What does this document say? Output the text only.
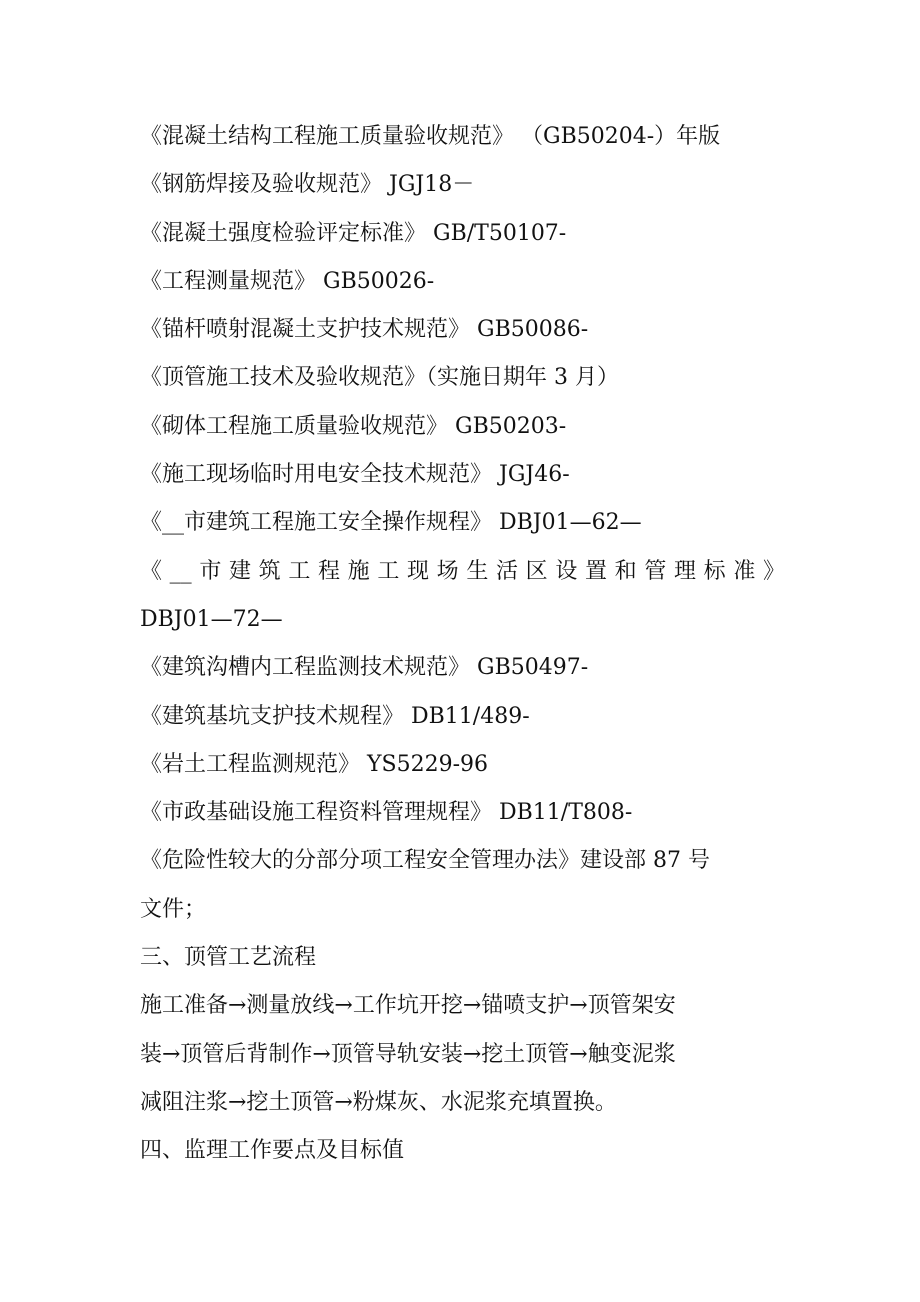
《混凝土结构工程施工质量验收规范》 （GB50204-）年版
《钢筋焊接及验收规范》 JGJ18－
《混凝土强度检验评定标准》 GB/T50107-
《工程测量规范》 GB50026-
《锚杆喷射混凝土支护技术规范》 GB50086-
《顶管施工技术及验收规范》（实施日期年 3 月）
《砌体工程施工质量验收规范》 GB50203-
《施工现场临时用电安全技术规范》 JGJ46-
《__市建筑工程施工安全操作规程》 DBJ01—62—
《__市建筑工程施工现场生活区设置和管理标准》
DBJ01—72—
《建筑沟槽内工程监测技术规范》 GB50497-
《建筑基坑支护技术规程》 DB11/489-
《岩土工程监测规范》 YS5229-96
《市政基础设施工程资料管理规程》 DB11/T808-
《危险性较大的分部分项工程安全管理办法》建设部 87 号
文件；
三、顶管工艺流程
施工准备→测量放线→工作坑开挖→锚喷支护→顶管架安
装→顶管后背制作→顶管导轨安装→挖土顶管→触变泥浆
减阻注浆→挖土顶管→粉煤灰、水泥浆充填置换。
四、监理工作要点及目标值
